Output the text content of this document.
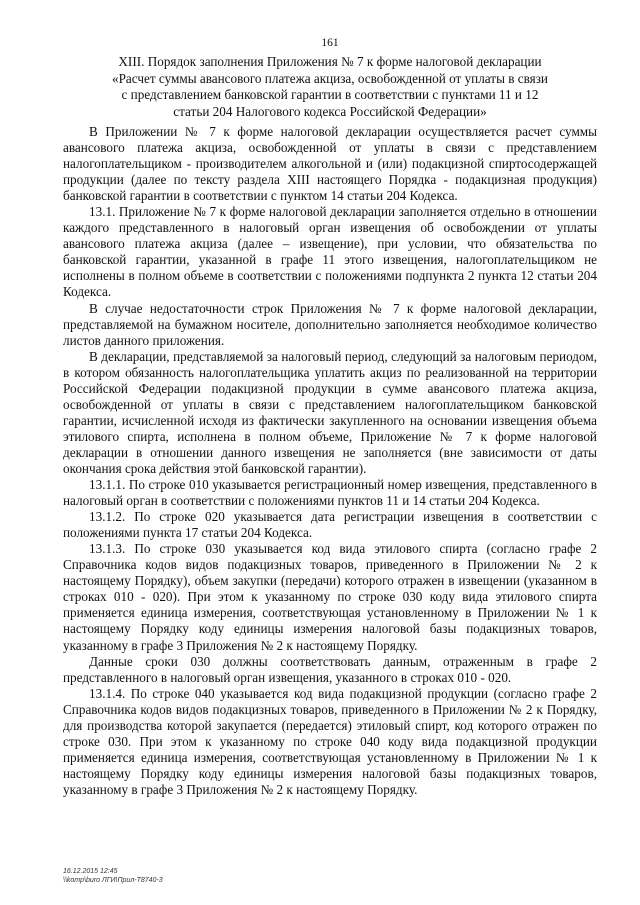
161
XIII. Порядок заполнения Приложения № 7 к форме налоговой декларации
«Расчет суммы авансового платежа акциза, освобожденной от уплаты в связи
с представлением банковской гарантии в соответствии с пунктами 11 и 12
статьи 204 Налогового кодекса Российской Федерации»

В Приложении № 7 к форме налоговой декларации осуществляется расчет суммы авансового платежа акциза, освобожденной от уплаты в связи с представлением налогоплательщиком - производителем алкогольной и (или) подакцизной спиртосодержащей продукции (далее по тексту раздела XIII настоящего Порядка - подакцизная продукция) банковской гарантии в соответствии с пунктом 14 статьи 204 Кодекса.

13.1. Приложение № 7 к форме налоговой декларации заполняется отдельно в отношении каждого представленного в налоговый орган извещения об освобождении от уплаты авансового платежа акциза (далее – извещение), при условии, что обязательства по банковской гарантии, указанной в графе 11 этого извещения, налогоплательщиком не исполнены в полном объеме в соответствии с положениями подпункта 2 пункта 12 статьи 204 Кодекса.

В случае недостаточности строк Приложения № 7 к форме налоговой декларации, представляемой на бумажном носителе, дополнительно заполняется необходимое количество листов данного приложения.

В декларации, представляемой за налоговый период, следующий за налоговым периодом, в котором обязанность налогоплательщика уплатить акциз по реализованной на территории Российской Федерации подакцизной продукции в сумме авансового платежа акциза, освобожденной от уплаты в связи с представлением налогоплательщиком банковской гарантии, исчисленной исходя из фактически закупленного на основании извещения объема этилового спирта, исполнена в полном объеме, Приложение № 7 к форме налоговой декларации в отношении данного извещения не заполняется (вне зависимости от даты окончания срока действия этой банковской гарантии).

13.1.1. По строке 010 указывается регистрационный номер извещения, представленного в налоговый орган в соответствии с положениями пунктов 11 и 14 статьи 204 Кодекса.

13.1.2. По строке 020 указывается дата регистрации извещения в соответствии с положениями пункта 17 статьи 204 Кодекса.

13.1.3. По строке 030 указывается код вида этилового спирта (согласно графе 2 Справочника кодов видов подакцизных товаров, приведенного в Приложении № 2 к настоящему Порядку), объем закупки (передачи) которого отражен в извещении (указанном в строках 010 - 020). При этом к указанному по строке 030 коду вида этилового спирта применяется единица измерения, соответствующая установленному в Приложении № 1 к настоящему Порядку коду единицы измерения налоговой базы подакцизных товаров, указанному в графе 3 Приложения № 2 к настоящему Порядку.

Данные сроки 030 должны соответствовать данным, отраженным в графе 2 представленного в налоговый орган извещения, указанного в строках 010 - 020.

13.1.4. По строке 040 указывается код вида подакцизной продукции (согласно графе 2 Справочника кодов видов подакцизных товаров, приведенного в Приложении № 2 к Порядку, для производства которой закупается (передается) этиловый спирт, код которого отражен по строке 030. При этом к указанному по строке 040 коду вида подакцизной продукции применяется единица измерения, соответствующая установленному в Приложении № 1 к настоящему Порядку коду единицы измерения налоговой базы подакцизных товаров, указанному в графе 3 Приложения № 2 к настоящему Порядку.

16.12.2015 12:45
\\komp\buro ЛГИ\Прил-Т8740-3
